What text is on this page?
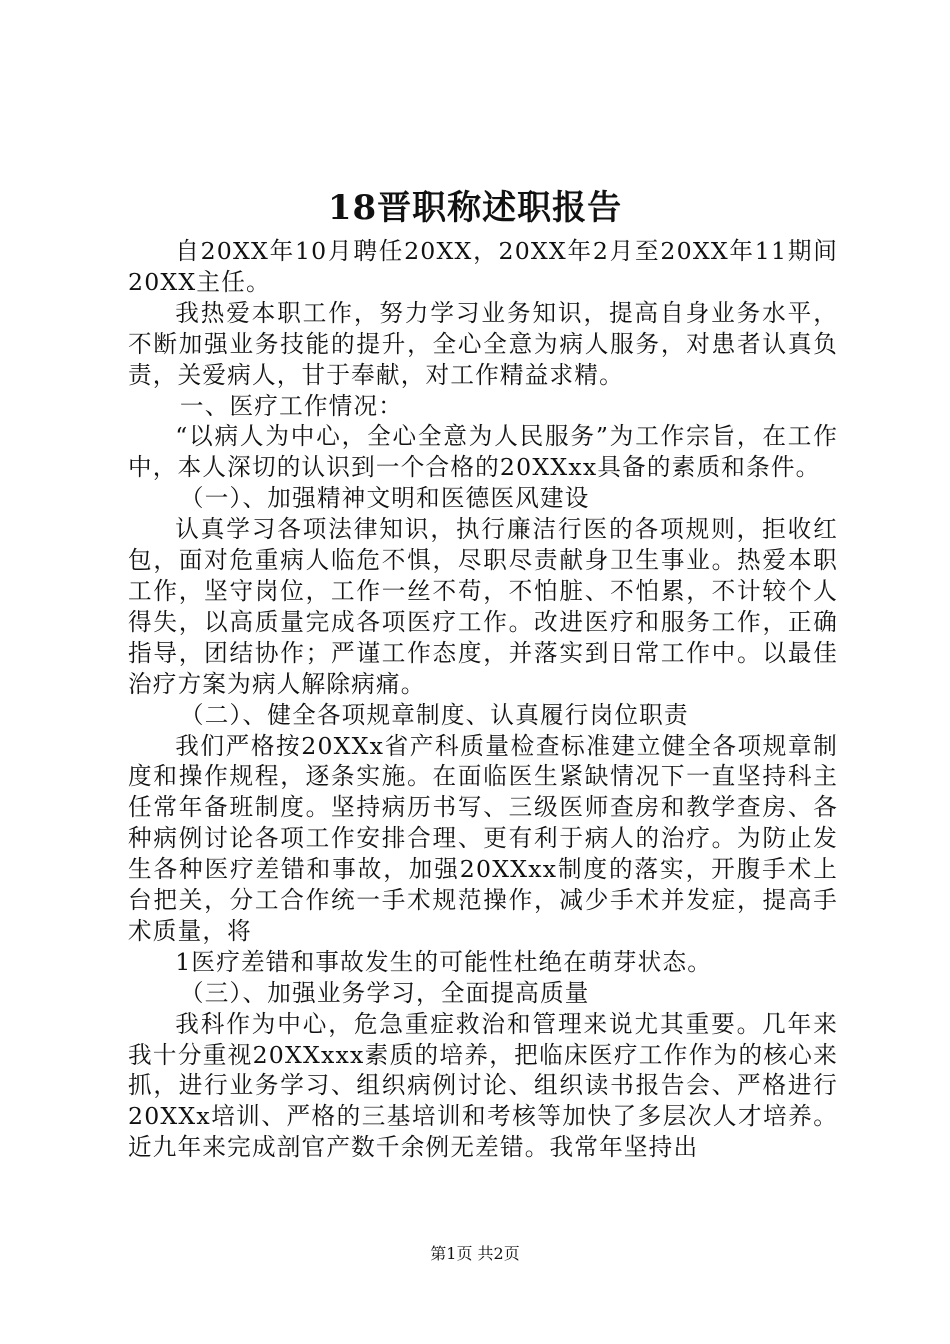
18晋职称述职报告

自20XX年10月聘任20XX，20XX年2月至20XX年11期间20XX主任。

我热爱本职工作，努力学习业务知识，提高自身业务水平，不断加强业务技能的提升，全心全意为病人服务，对患者认真负责，关爱病人，甘于奉献，对工作精益求精。

一、医疗工作情况：

“以病人为中心，全心全意为人民服务”为工作宗旨，在工作中，本人深切的认识到一个合格的20XXxx具备的素质和条件。

（一）、加强精神文明和医德医风建设

认真学习各项法律知识，执行廉洁行医的各项规则，拒收红包，面对危重病人临危不惧，尽职尽责献身卫生事业。热爱本职工作，坚守岗位，工作一丝不苟，不怕脏、不怕累，不计较个人得失，以高质量完成各项医疗工作。改进医疗和服务工作，正确指导，团结协作；严谨工作态度，并落实到日常工作中。以最佳治疗方案为病人解除病痛。

（二）、健全各项规章制度、认真履行岗位职责

我们严格按20XXx省产科质量检查标准建立健全各项规章制度和操作规程，逐条实施。在面临医生紧缺情况下一直坚持科主任常年备班制度。坚持病历书写、三级医师查房和教学查房、各种病例讨论各项工作安排合理、更有利于病人的治疗。为防止发生各种医疗差错和事故，加强20XXxx制度的落实，开腹手术上台把关，分工合作统一手术规范操作，减少手术并发症，提高手术质量，将

1医疗差错和事故发生的可能性杜绝在萌芽状态。

（三）、加强业务学习，全面提高质量

我科作为中心，危急重症救治和管理来说尤其重要。几年来我十分重视20XXxxx素质的培养，把临床医疗工作作为的核心来抓，进行业务学习、组织病例讨论、组织读书报告会、严格进行20XXx培训、严格的三基培训和考核等加快了多层次人才培养。近九年来完成剖官产数千余例无差错。我常年坚持出

第1页 共2页
